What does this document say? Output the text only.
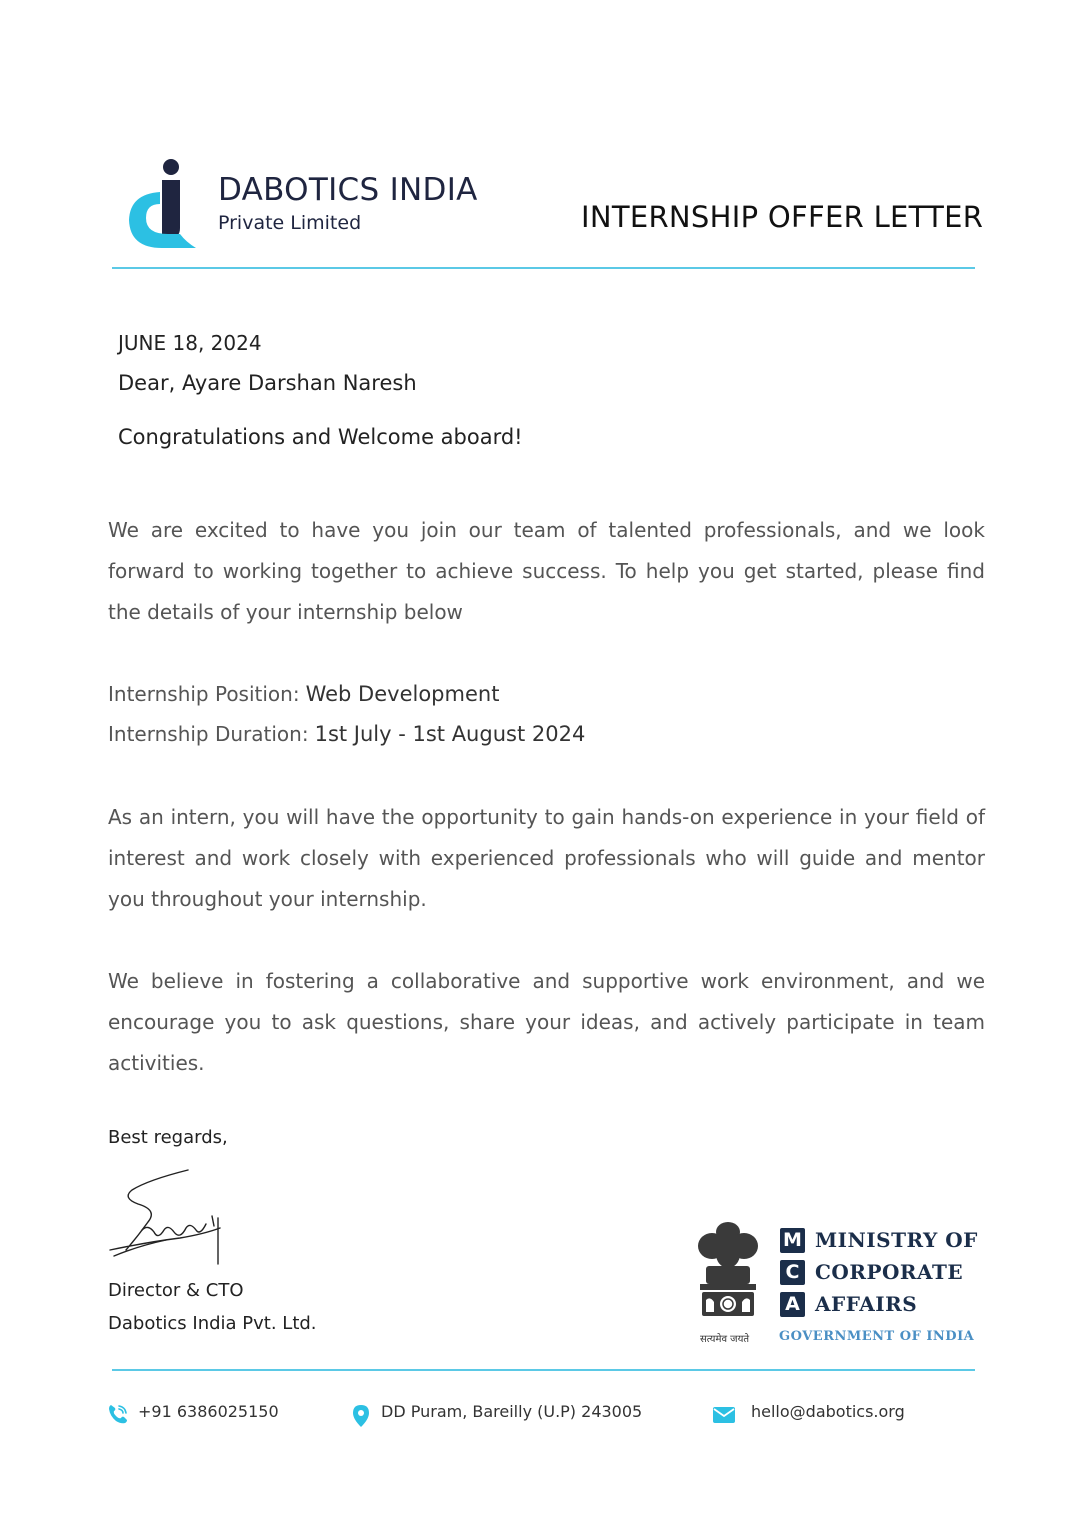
DABOTICS INDIA
Private Limited	INTERNSHIP OFFER LETTER
JUNE 18, 2024
Dear, Ayare Darshan Naresh
Congratulations and Welcome aboard!
We are excited to have you join our team of talented professionals, and we look forward to working together to achieve success. To help you get started, please find the details of your internship below
Internship Position: Web Development
Internship Duration: 1st July - 1st August 2024
As an intern, you will have the opportunity to gain hands-on experience in your field of interest and work closely with experienced professionals who will guide and mentor you throughout your internship.
We believe in fostering a collaborative and supportive work environment, and we encourage you to ask questions, share your ideas, and actively participate in team activities.
Best regards,
Director & CTO
Dabotics India Pvt. Ltd.
सत्यमेव जयते
M MINISTRY OF
C CORPORATE
A AFFAIRS
GOVERNMENT OF INDIA
+91 6386025150	DD Puram, Bareilly (U.P) 243005	hello@dabotics.org
